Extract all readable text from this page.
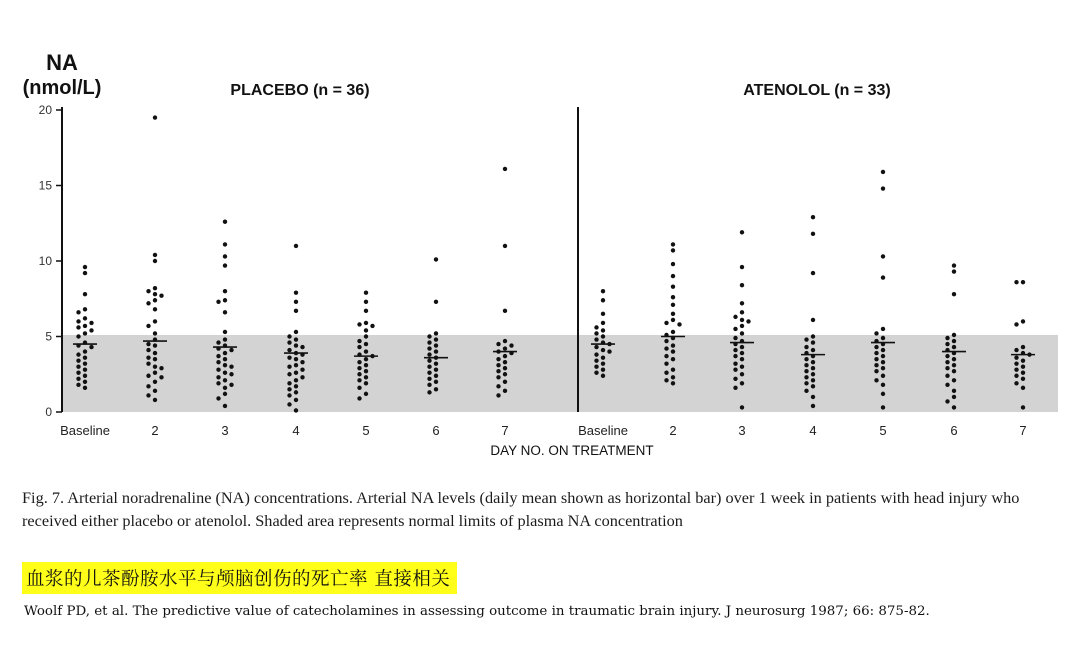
NA
(nmol/L)	PLACEBO (n = 36)	ATENOLOL (n = 33)
0
5
10
15
20
Baseline	2	3	4	5	6	7	Baseline	2	3	4	5	6	7
DAY NO. ON TREATMENT
Fig. 7. Arterial noradrenaline (NA) concentrations. Arterial NA levels (daily mean shown as horizontal bar) over 1 week in patients with head injury who received either placebo or atenolol. Shaded area represents normal limits of plasma NA concentration
血浆的儿茶酚胺水平与颅脑创伤的死亡率 直接相关
Woolf PD, et al. The predictive value of catecholamines in assessing outcome in traumatic brain injury. J neurosurg 1987; 66: 875-82.
